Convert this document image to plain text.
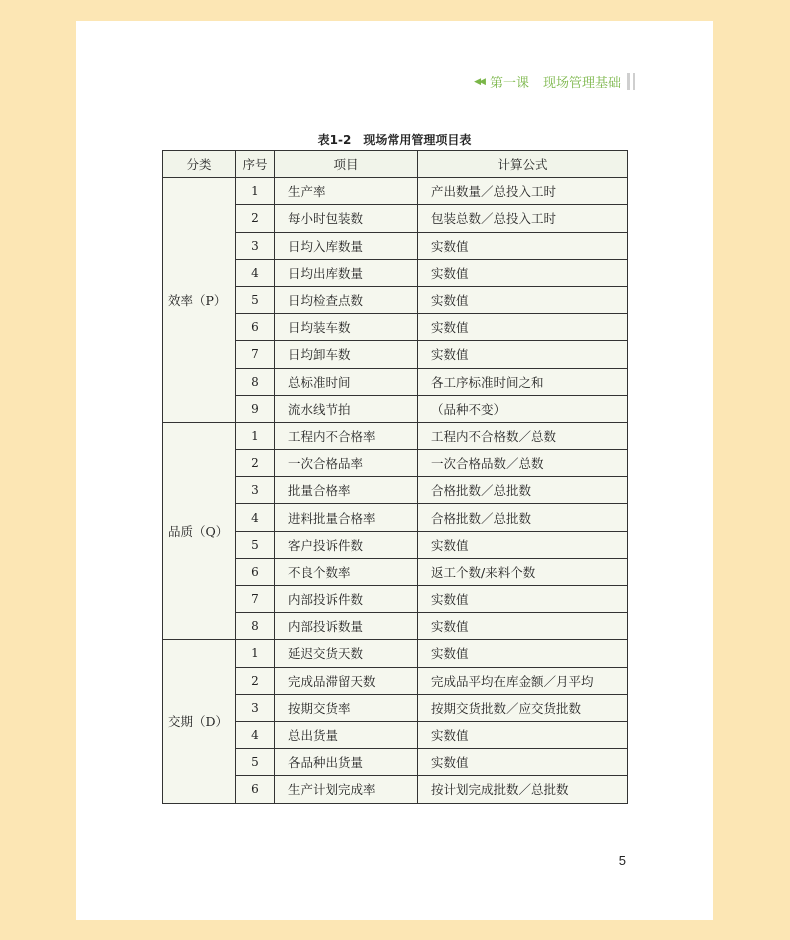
◀◀ 第一课 现场管理基础
表1-2　现场常用管理项目表
分类	序号	项目	计算公式
效率（P）	1	生产率	产出数量／总投入工时
	2	每小时包装数	包装总数／总投入工时
	3	日均入库数量	实数值
	4	日均出库数量	实数值
	5	日均检查点数	实数值
	6	日均装车数	实数值
	7	日均卸车数	实数值
	8	总标准时间	各工序标准时间之和
	9	流水线节拍	（品种不变）
品质（Q）	1	工程内不合格率	工程内不合格数／总数
	2	一次合格品率	一次合格品数／总数
	3	批量合格率	合格批数／总批数
	4	进料批量合格率	合格批数／总批数
	5	客户投诉件数	实数值
	6	不良个数率	返工个数/来料个数
	7	内部投诉件数	实数值
	8	内部投诉数量	实数值
交期（D）	1	延迟交货天数	实数值
	2	完成品滞留天数	完成品平均在库金额／月平均
	3	按期交货率	按期交货批数／应交货批数
	4	总出货量	实数值
	5	各品种出货量	实数值
	6	生产计划完成率	按计划完成批数／总批数
5
